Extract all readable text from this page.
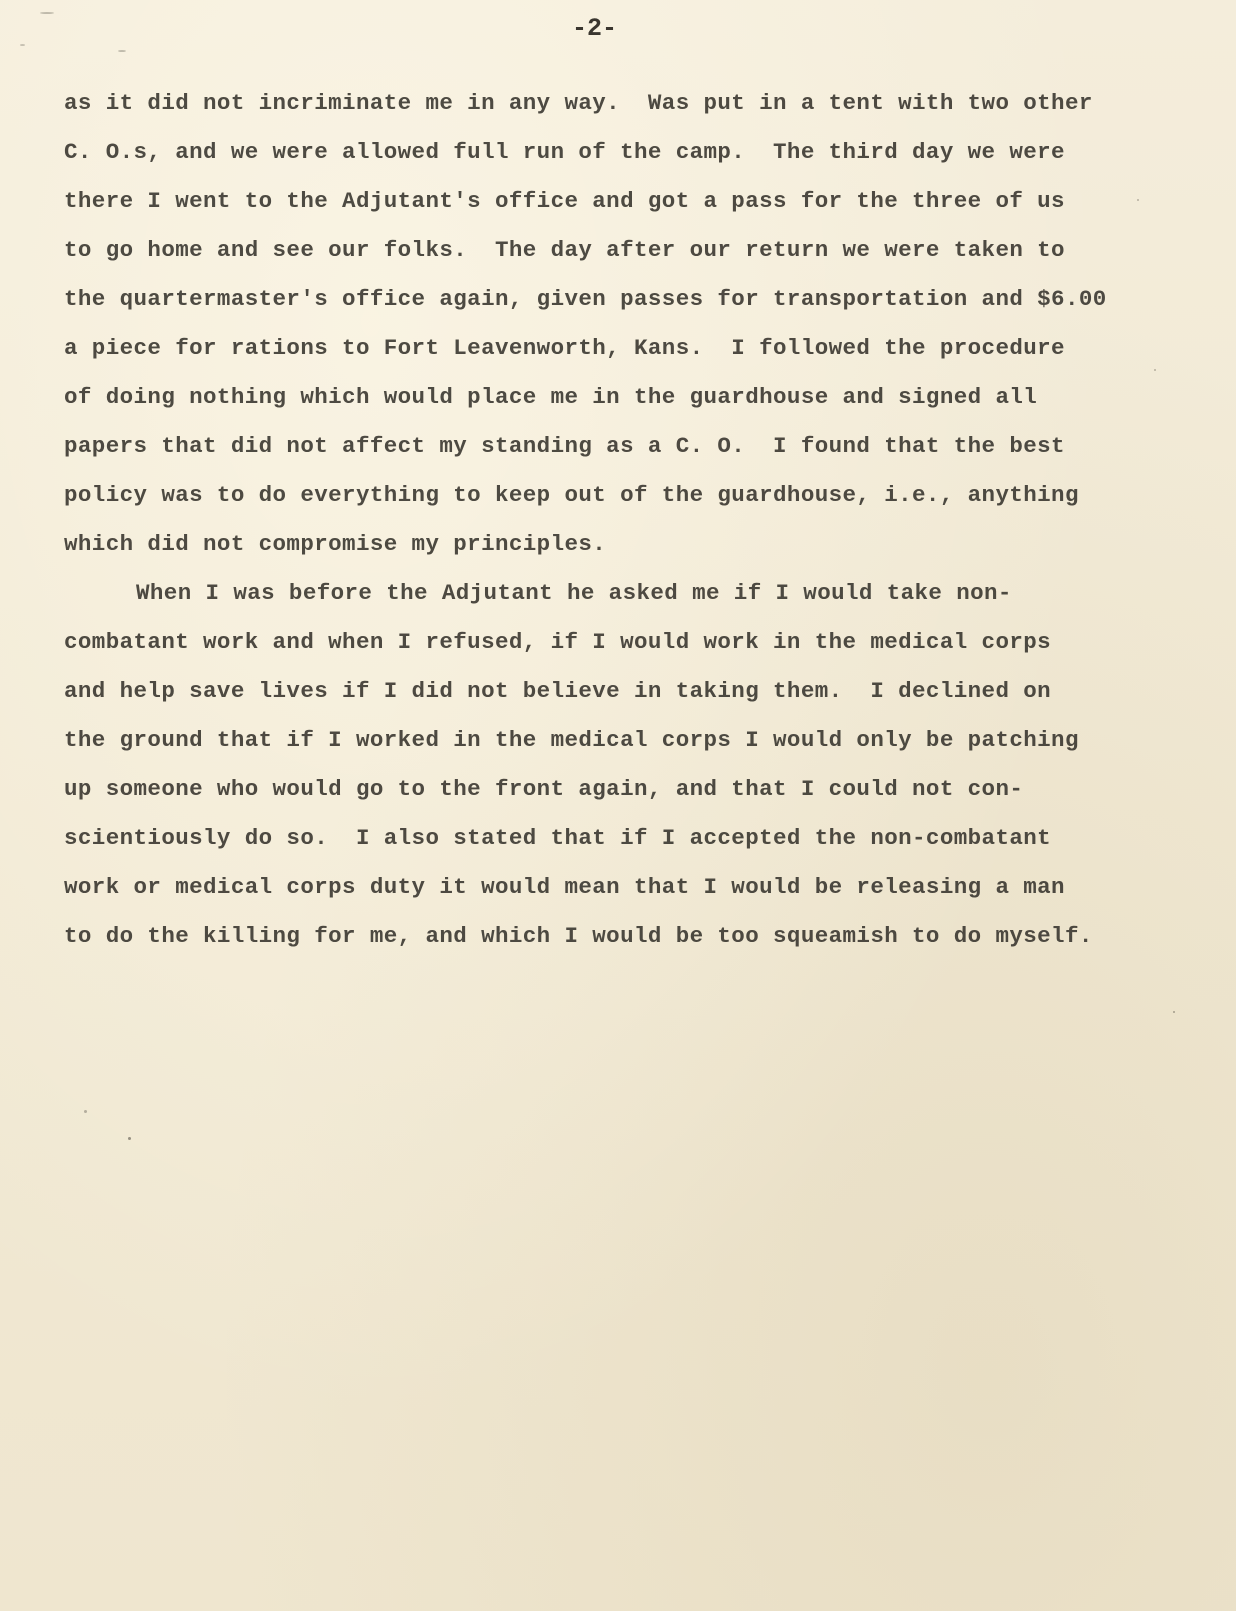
-2-
as it did not incriminate me in any way.  Was put in a tent with two other
C. O.s, and we were allowed full run of the camp.  The third day we were
there I went to the Adjutant's office and got a pass for the three of us
to go home and see our folks.  The day after our return we were taken to
the quartermaster's office again, given passes for transportation and $6.00
a piece for rations to Fort Leavenworth, Kans.  I followed the procedure
of doing nothing which would place me in the guardhouse and signed all
papers that did not affect my standing as a C. O.  I found that the best
policy was to do everything to keep out of the guardhouse, i.e., anything
which did not compromise my principles.
When I was before the Adjutant he asked me if I would take non-
combatant work and when I refused, if I would work in the medical corps
and help save lives if I did not believe in taking them.  I declined on
the ground that if I worked in the medical corps I would only be patching
up someone who would go to the front again, and that I could not con-
scientiously do so.  I also stated that if I accepted the non-combatant
work or medical corps duty it would mean that I would be releasing a man
to do the killing for me, and which I would be too squeamish to do myself.
